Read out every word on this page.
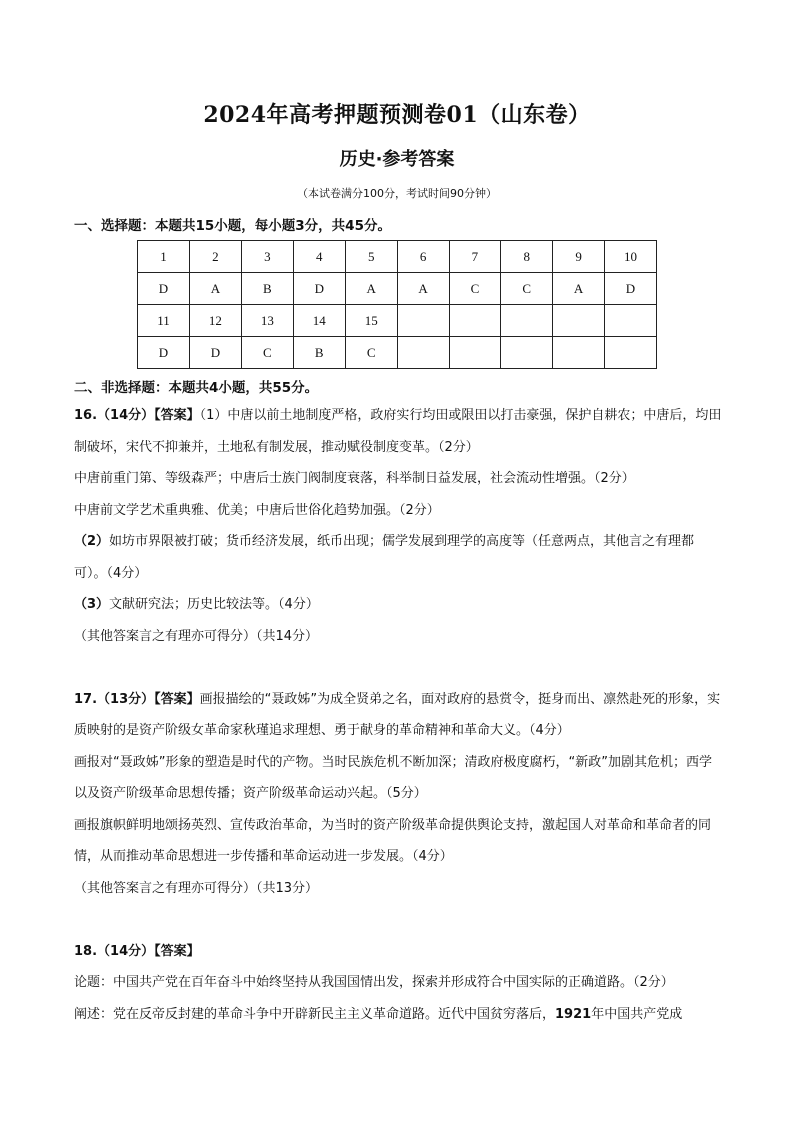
2024年高考押题预测卷01（山东卷）
历史·参考答案
（本试卷满分100分，考试时间90分钟）
一、选择题：本题共15小题，每小题3分，共45分。
1	2	3	4	5	6	7	8	9	10
D	A	B	D	A	A	C	C	A	D
11	12	13	14	15					
D	D	C	B	C					
二、非选择题：本题共4小题，共55分。

16.（14分）【答案】（1）中唐以前土地制度严格，政府实行均田或限田以打击豪强，保护自耕农；中唐后，均田制破坏，宋代不抑兼并，土地私有制发展，推动赋役制度变革。（2分）

中唐前重门第、等级森严；中唐后士族门阀制度衰落，科举制日益发展，社会流动性增强。（2分）

中唐前文学艺术重典雅、优美；中唐后世俗化趋势加强。（2分）

（2）如坊市界限被打破；货币经济发展，纸币出现；儒学发展到理学的高度等（任意两点，其他言之有理都可）。（4分）

（3）文献研究法；历史比较法等。（4分）

（其他答案言之有理亦可得分）（共14分）

17.（13分）【答案】画报描绘的“聂政姊”为成全贤弟之名，面对政府的悬赏令，挺身而出、凛然赴死的形象，实质映射的是资产阶级女革命家秋瑾追求理想、勇于献身的革命精神和革命大义。（4分）

画报对“聂政姊”形象的塑造是时代的产物。当时民族危机不断加深；清政府极度腐朽，“新政”加剧其危机；西学以及资产阶级革命思想传播；资产阶级革命运动兴起。（5分）

画报旗帜鲜明地颂扬英烈、宣传政治革命，为当时的资产阶级革命提供舆论支持，激起国人对革命和革命者的同情，从而推动革命思想进一步传播和革命运动进一步发展。（4分）

（其他答案言之有理亦可得分）（共13分）

18.（14分）【答案】

论题：中国共产党在百年奋斗中始终坚持从我国国情出发，探索并形成符合中国实际的正确道路。（2分）

阐述：党在反帝反封建的革命斗争中开辟新民主主义革命道路。近代中国贫穷落后，1921年中国共产党成
